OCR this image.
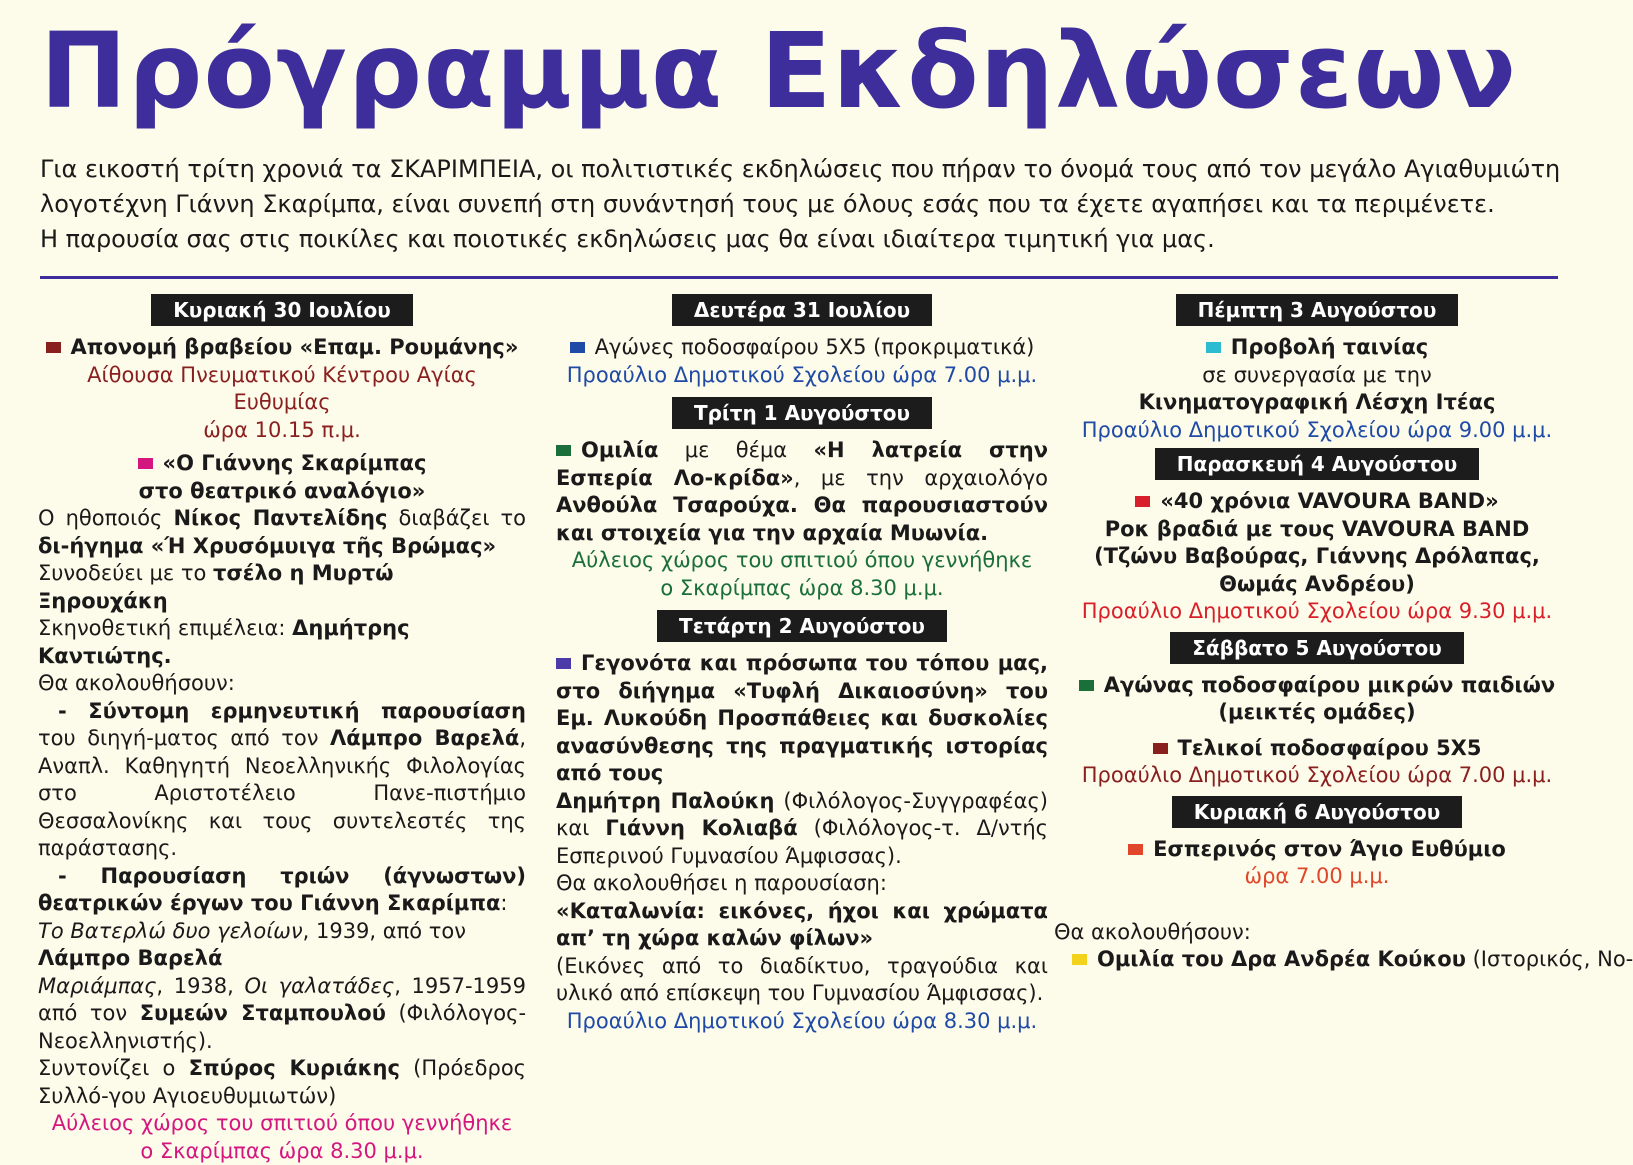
Πρόγραμμα Εκδηλώσεων

Για εικοστή τρίτη χρονιά τα ΣΚΑΡΙΜΠΕΙΑ, οι πολιτιστικές εκδηλώσεις που πήραν το όνομά τους από τον μεγάλο Αγιαθυμιώτη

λογοτέχνη Γιάννη Σκαρίμπα, είναι συνεπή στη συνάντησή τους με όλους εσάς που τα έχετε αγαπήσει και τα περιμένετε.

Η παρουσία σας στις ποικίλες και ποιοτικές εκδηλώσεις μας θα είναι ιδιαίτερα τιμητική για μας.

Κυριακή 30 Ιουλίου
Απονομή βραβείου «Επαμ. Ρουμάνης»
Αίθουσα Πνευματικού Κέντρου Αγίας Ευθυμίας
ώρα 10.15 π.μ.
«Ο Γιάννης Σκαρίμπας
στο θεατρικό αναλόγιο»
Ο ηθοποιός Νίκος Παντελίδης διαβάζει το δι-ήγημα «Ή Χρυσόμυιγα τῆς Βρώμας»
Συνοδεύει με το τσέλο η Μυρτώ Ξηρουχάκη
Σκηνοθετική επιμέλεια: Δημήτρης Καντιώτης.
Θα ακολουθήσουν:
- Σύντομη ερμηνευτική παρουσίαση του διηγή-ματος από τον Λάμπρο Βαρελά, Αναπλ. Καθηγητή Νεοελληνικής Φιλολογίας στο Αριστοτέλειο Πανε-πιστήμιο Θεσσαλονίκης και τους συντελεστές της παράστασης.
- Παρουσίαση τριών (άγνωστων) θεατρικών έργων του Γιάννη Σκαρίμπα:
Το Βατερλώ δυο γελοίων, 1939, από τον Λάμπρο Βαρελά
Μαριάμπας, 1938, Οι γαλατάδες, 1957-1959 από τον Συμεών Σταμπουλού (Φιλόλογος-Νεοελληνιστής).
Συντονίζει ο Σπύρος Κυριάκης (Πρόεδρος Συλλό-γου Αγιοευθυμιωτών)
Αύλειος χώρος του σπιτιού όπου γεννήθηκε
ο Σκαρίμπας ώρα 8.30 μ.μ.
Δευτέρα 31 Ιουλίου
Αγώνες ποδοσφαίρου 5Χ5 (προκριματικά)
Προαύλιο Δημοτικού Σχολείου ώρα 7.00 μ.μ.
Τρίτη 1 Αυγούστου
Ομιλία με θέμα «Η λατρεία στην Εσπερία Λο-κρίδα», με την αρχαιολόγο Ανθούλα Τσαρούχα. Θα παρουσιαστούν και στοιχεία για την αρχαία Μυωνία.
Αύλειος χώρος του σπιτιού όπου γεννήθηκε
ο Σκαρίμπας ώρα 8.30 μ.μ.
Τετάρτη 2 Αυγούστου
Γεγονότα και πρόσωπα του τόπου μας, στο διήγημα «Τυφλή Δικαιοσύνη» του Εμ. Λυκούδη Προσπάθειες και δυσκολίες ανασύνθεσης της πραγματικής ιστορίας από τους
Δημήτρη Παλούκη (Φιλόλογος-Συγγραφέας) και Γιάννη Κολιαβά (Φιλόλογος-τ. Δ/ντής Εσπερινού Γυμνασίου Άμφισσας).
Θα ακολουθήσει η παρουσίαση:
«Καταλωνία: εικόνες, ήχοι και χρώματα απ’ τη χώρα καλών φίλων»
(Εικόνες από το διαδίκτυο, τραγούδια και υλικό από επίσκεψη του Γυμνασίου Άμφισσας).
Προαύλιο Δημοτικού Σχολείου ώρα 8.30 μ.μ.
Πέμπτη 3 Αυγούστου
Προβολή ταινίας
σε συνεργασία με την
Κινηματογραφική Λέσχη Ιτέας
Προαύλιο Δημοτικού Σχολείου ώρα 9.00 μ.μ.
Παρασκευή 4 Αυγούστου
«40 χρόνια VAVOURA BAND»
Ροκ βραδιά με τους VAVOURA BAND
(Τζώνυ Βαβούρας, Γιάννης Δρόλαπας,
Θωμάς Ανδρέου)
Προαύλιο Δημοτικού Σχολείου ώρα 9.30 μ.μ.
Σάββατο 5 Αυγούστου
Αγώνας ποδοσφαίρου μικρών παιδιών
(μεικτές ομάδες)
Τελικοί ποδοσφαίρου 5Χ5
Προαύλιο Δημοτικού Σχολείου ώρα 7.00 μ.μ.
Κυριακή 6 Αυγούστου
Εσπερινός στον Άγιο Ευθύμιο
ώρα 7.00 μ.μ.
Θα ακολουθήσουν:
Ομιλία του Δρα Ανδρέα Κούκου (Ιστορικός, Νο-
